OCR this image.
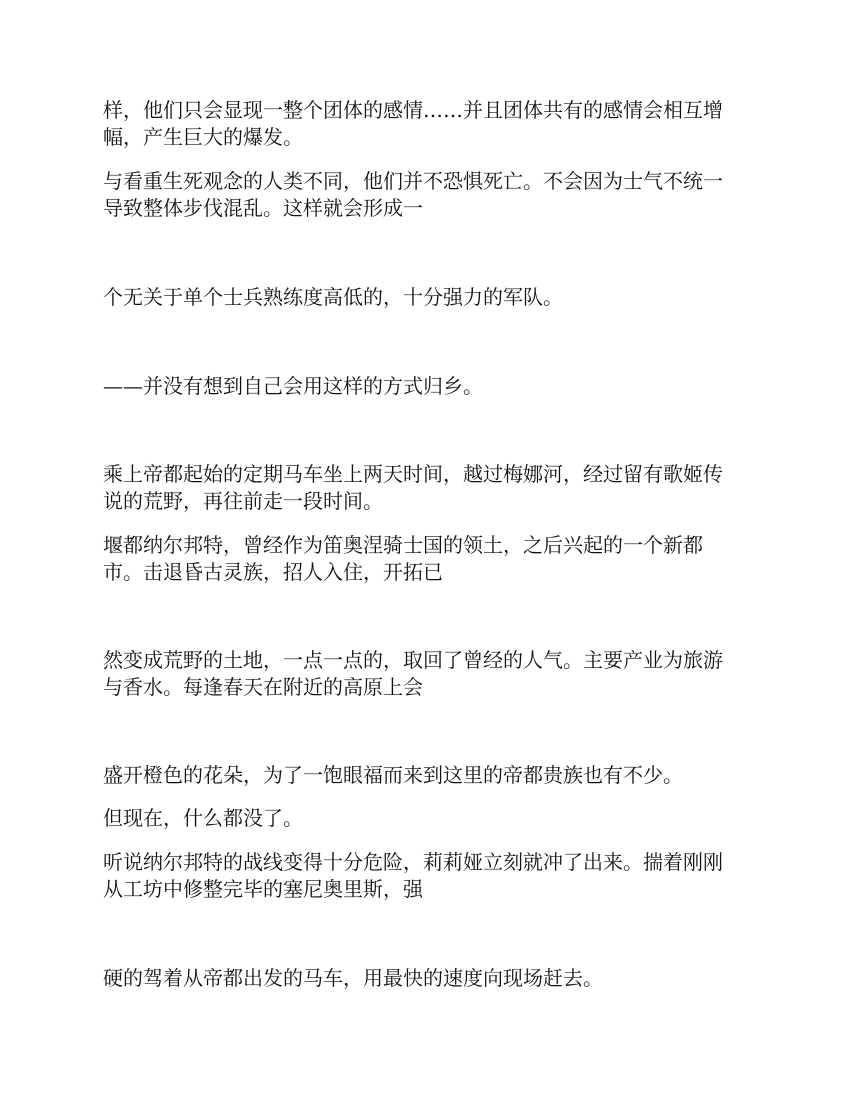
样，他们只会显现一整个团体的感情……并且团体共有的感情会相互增
幅，产生巨大的爆发。

与看重生死观念的人类不同，他们并不恐惧死亡。不会因为士气不统一
导致整体步伐混乱。这样就会形成一

个无关于单个士兵熟练度高低的，十分强力的军队。

——并没有想到自己会用这样的方式归乡。

乘上帝都起始的定期马车坐上两天时间，越过梅娜河，经过留有歌姬传
说的荒野，再往前走一段时间。

堰都纳尔邦特，曾经作为笛奥涅骑士国的领土，之后兴起的一个新都
市。击退昏古灵族，招人入住，开拓已

然变成荒野的土地，一点一点的，取回了曾经的人气。主要产业为旅游
与香水。每逢春天在附近的高原上会

盛开橙色的花朵，为了一饱眼福而来到这里的帝都贵族也有不少。

但现在，什么都没了。

听说纳尔邦特的战线变得十分危险，莉莉娅立刻就冲了出来。揣着刚刚
从工坊中修整完毕的塞尼奥里斯，强

硬的驾着从帝都出发的马车，用最快的速度向现场赶去。
